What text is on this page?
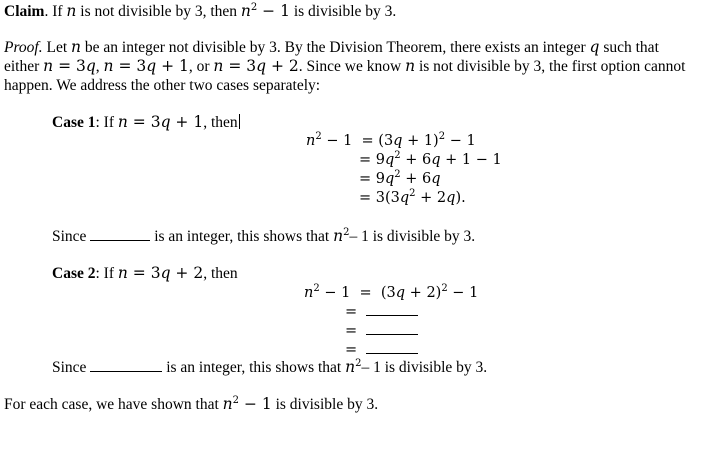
Claim. If n is not divisible by 3, then $n^2 - 1$ is divisible by 3.
Proof. Let n be an integer not divisible by 3. By the Division Theorem, there exists an integer q such that
either n = 3q, n = 3q + 1, or n = 3q + 2. Since we know n is not divisible by 3, the first option cannot
happen. We address the other two cases separately:
Case 1: If n = 3q + 1, then
$n^2 - 1 = (3q + 1)^2 - 1$
= $9q^2 + 6q + 1 - 1$
= $9q^2 + 6q$
= $3(3q^2 + 2q)$.
Since	is an integer, this shows that $n^2-$ 1 is divisible by 3.
Case 2: If n = 3q + 2, then
$n^2 - 1 = (3q + 2)^2 - 1$
=
=
=
Since	is an integer, this shows that $n^2-$ 1 is divisible by 3.
For each case, we have shown that $n^2 - 1$ is divisible by 3.
